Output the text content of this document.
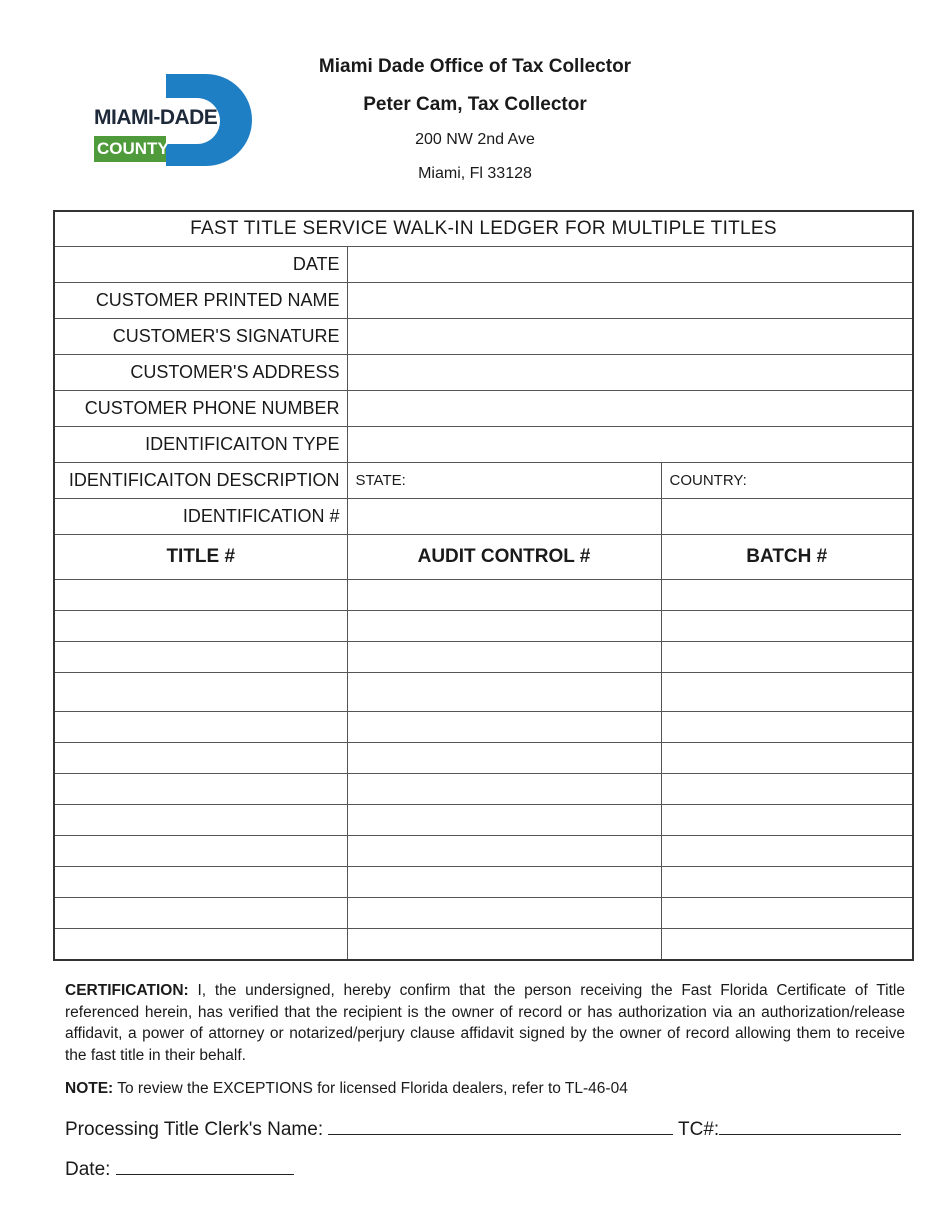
MIAMI-DADE
COUNTY
Miami Dade Office of Tax Collector
Peter Cam, Tax Collector
200 NW 2nd Ave
Miami, Fl 33128
FAST TITLE SERVICE WALK-IN LEDGER FOR MULTIPLE TITLES		
DATE		
CUSTOMER PRINTED NAME		
CUSTOMER'S SIGNATURE		
CUSTOMER'S ADDRESS		
CUSTOMER PHONE NUMBER		
IDENTIFICAITON TYPE		
IDENTIFICAITON DESCRIPTION	STATE:	COUNTRY:
IDENTIFICATION #		
TITLE #	AUDIT CONTROL #	BATCH #

CERTIFICATION: I, the undersigned, hereby confirm that the person receiving the Fast Florida Certificate of Title referenced herein, has verified that the recipient is the owner of record or has authorization via an authorization/release affidavit, a power of attorney or notarized/perjury clause affidavit signed by the owner of record allowing them to receive the fast title in their behalf.
NOTE: To review the EXCEPTIONS for licensed Florida dealers, refer to TL-46-04
Processing Title Clerk's Name:	TC#:
Date:
